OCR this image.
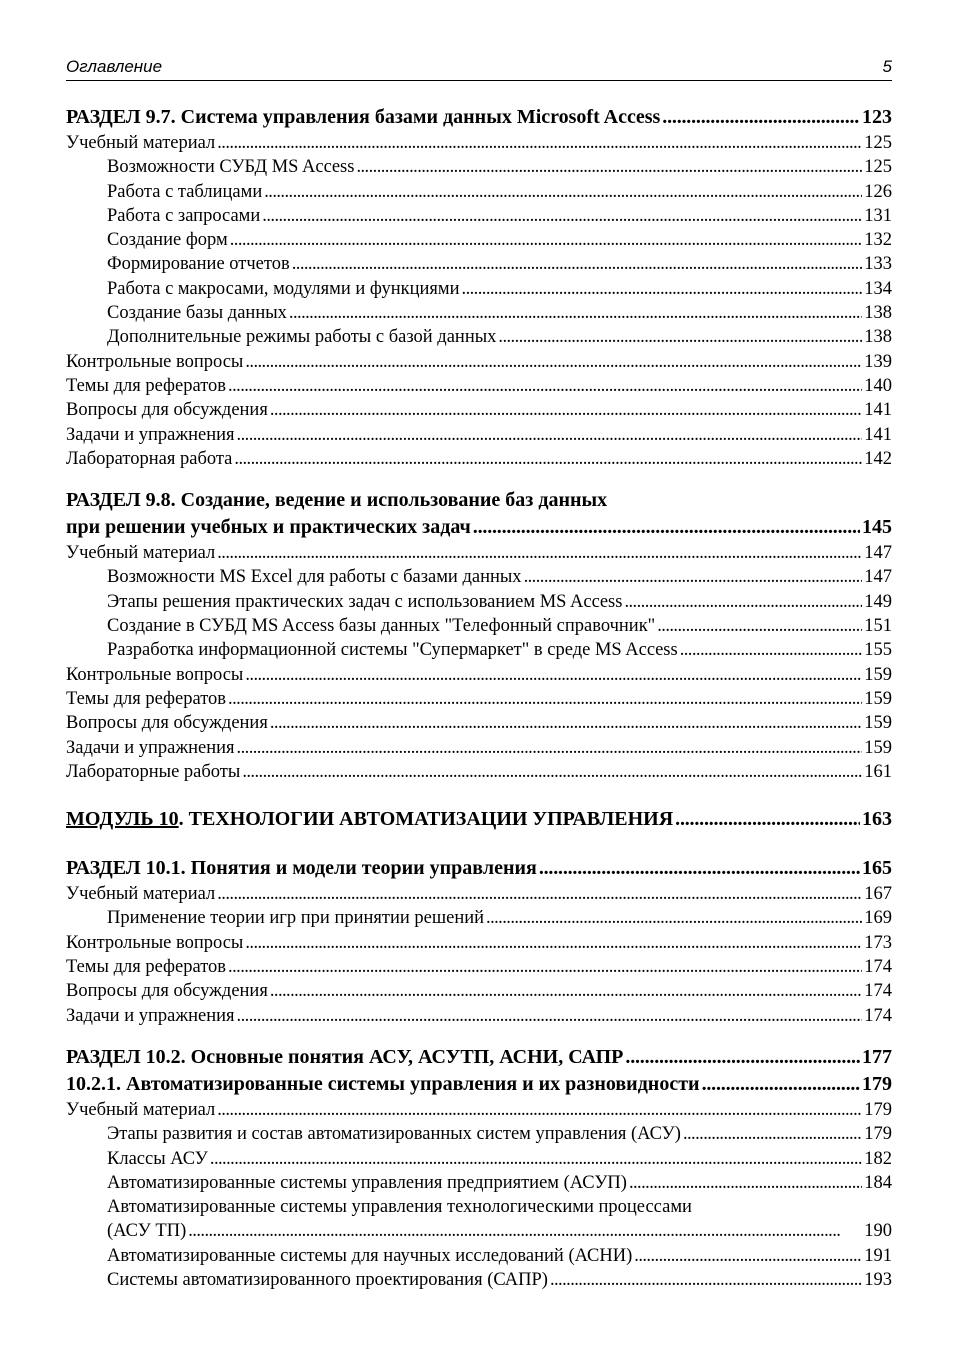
Оглавление	5
РАЗДЕЛ 9.7. Система управления базами данных Microsoft Access . . .	123
Учебный материал . . .	125
Возможности СУБД MS Access . . .	125
Работа с таблицами . . .	126
Работа с запросами . . .	131
Создание форм . . .	132
Формирование отчетов . . .	133
Работа с макросами, модулями и функциями . . .	134
Создание базы данных . . .	138
Дополнительные режимы работы с базой данных . . .	138
Контрольные вопросы . . .	139
Темы для рефератов . . .	140
Вопросы для обсуждения . . .	141
Задачи и упражнения . . .	141
Лабораторная работа . . .	142
РАЗДЕЛ 9.8. Создание, ведение и использование баз данных
при решении учебных и практических задач . . .	145
Учебный материал . . .	147
Возможности MS Excel для работы с базами данных . . .	147
Этапы решения практических задач с использованием MS Access . . .	149
Создание в СУБД MS Access базы данных "Телефонный справочник" . . .	151
Разработка информационной системы "Супермаркет" в среде MS Access . . .	155
Контрольные вопросы . . .	159
Темы для рефератов . . .	159
Вопросы для обсуждения . . .	159
Задачи и упражнения . . .	159
Лабораторные работы . . .	161
МОДУЛЬ 10. ТЕХНОЛОГИИ АВТОМАТИЗАЦИИ УПРАВЛЕНИЯ . . .	163
РАЗДЕЛ 10.1. Понятия и модели теории управления . . .	165
Учебный материал . . .	167
Применение теории игр при принятии решений . . .	169
Контрольные вопросы . . .	173
Темы для рефератов . . .	174
Вопросы для обсуждения . . .	174
Задачи и упражнения . . .	174
РАЗДЕЛ 10.2. Основные понятия АСУ, АСУТП, АСНИ, САПР . . .	177
10.2.1. Автоматизированные системы управления и их разновидности . . .	179
Учебный материал . . .	179
Этапы развития и состав автоматизированных систем управления (АСУ) . . .	179
Классы АСУ . . .	182
Автоматизированные системы управления предприятием (АСУП) . . .	184
Автоматизированные системы управления технологическими процессами
(АСУ ТП) . . .	190
Автоматизированные системы для научных исследований (АСНИ) . . .	191
Системы автоматизированного проектирования (САПР) . . .	193
